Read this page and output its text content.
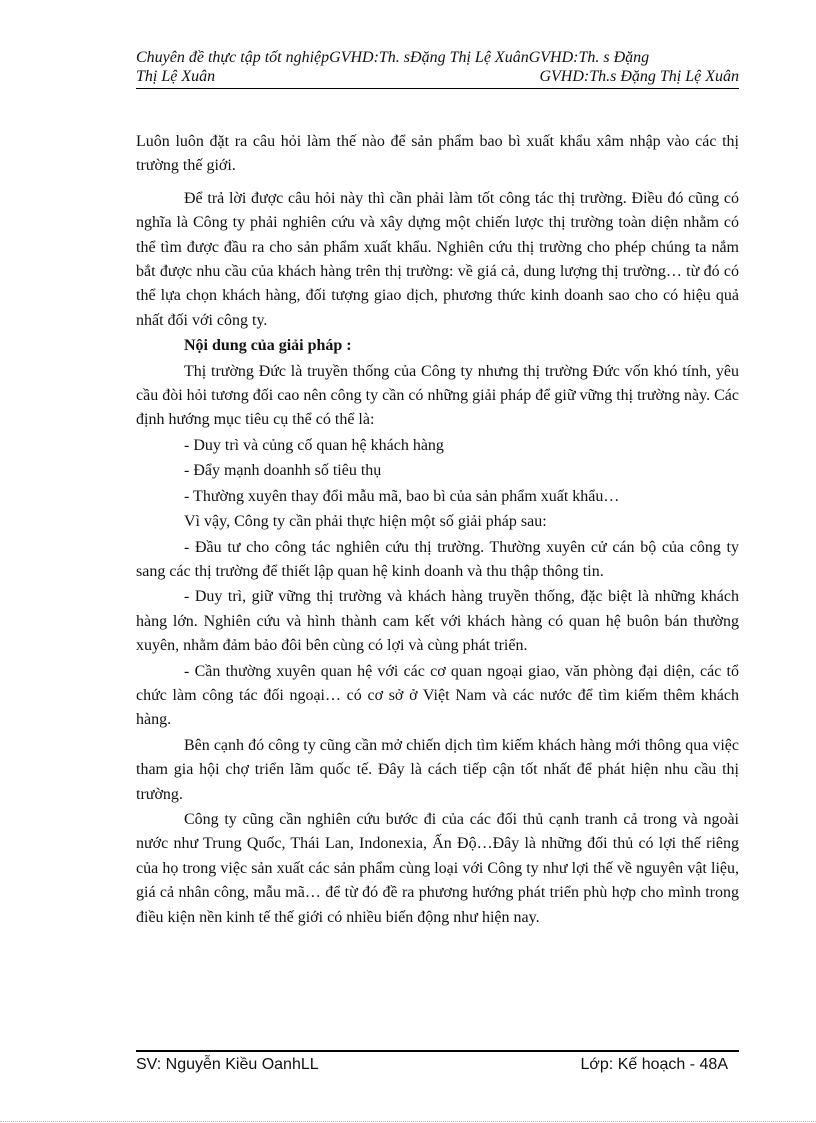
Chuyên đề thực tập tốt nghiệpGVHD:Th. sĐặng Thị Lệ XuânGVHD:Th. s Đặng
Thị Lệ Xuân	GVHD:Th.s Đặng Thị Lệ Xuân

Luôn luôn đặt ra câu hỏi làm thế nào để sản phẩm bao bì xuất khẩu xâm nhập vào các thị trường thế giới.

Để trả lời được câu hỏi này thì cần phải làm tốt công tác thị trường. Điều đó cũng có nghĩa là Công ty phải nghiên cứu và xây dựng một chiến lược thị trường toàn diện nhằm có thể tìm được đầu ra cho sản phẩm xuất khẩu. Nghiên cứu thị trường cho phép chúng ta nắm bắt được nhu cầu của khách hàng trên thị trường: về giá cả, dung lượng thị trường… từ đó có thể lựa chọn khách hàng, đối tượng giao dịch, phương thức kinh doanh sao cho có hiệu quả nhất đối với công ty.

Nội dung của giải pháp :

Thị trường Đức là truyền thống của Công ty nhưng thị trường Đức vốn khó tính, yêu cầu đòi hỏi tương đối cao nên công ty cần có những giải pháp để giữ vững thị trường này. Các định hướng mục tiêu cụ thể có thể là:

- Duy trì và củng cố quan hệ khách hàng

- Đẩy mạnh doanhh số tiêu thụ

- Thường xuyên thay đổi mẫu mã, bao bì của sản phẩm xuất khẩu…

Vì vậy, Công ty cần phải thực hiện một số giải pháp sau:

- Đầu tư cho công tác nghiên cứu thị trường. Thường xuyên cử cán bộ của công ty sang các thị trường để thiết lập quan hệ kinh doanh và thu thập thông tin.

- Duy trì, giữ vững thị trường và khách hàng truyền thống, đặc biệt là những khách hàng lớn. Nghiên cứu và hình thành cam kết với khách hàng có quan hệ buôn bán thường xuyên, nhằm đảm bảo đôi bên cùng có lợi và cùng phát triển.

- Cần thường xuyên quan hệ với các cơ quan ngoại giao, văn phòng đại diện, các tổ chức làm công tác đối ngoại… có cơ sở ở Việt Nam và các nước để tìm kiếm thêm khách hàng.

Bên cạnh đó công ty cũng cần mở chiến dịch tìm kiếm khách hàng mới thông qua việc tham gia hội chợ triển lãm quốc tế. Đây là cách tiếp cận tốt nhất để phát hiện nhu cầu thị trường.

Công ty cũng cần nghiên cứu bước đi của các đối thủ cạnh tranh cả trong và ngoài nước như Trung Quốc, Thái Lan, Indonexia, Ấn Độ…Đây là những đối thủ có lợi thế riêng của họ trong việc sản xuất các sản phẩm cùng loại với Công ty như lợi thế về nguyên vật liệu, giá cả nhân công, mẫu mã… để từ đó đề ra phương hướng phát triển phù hợp cho mình trong điều kiện nền kinh tế thế giới có nhiều biến động như hiện nay.

SV: Nguyễn Kiều OanhLL	Lớp: Kế hoạch - 48A
